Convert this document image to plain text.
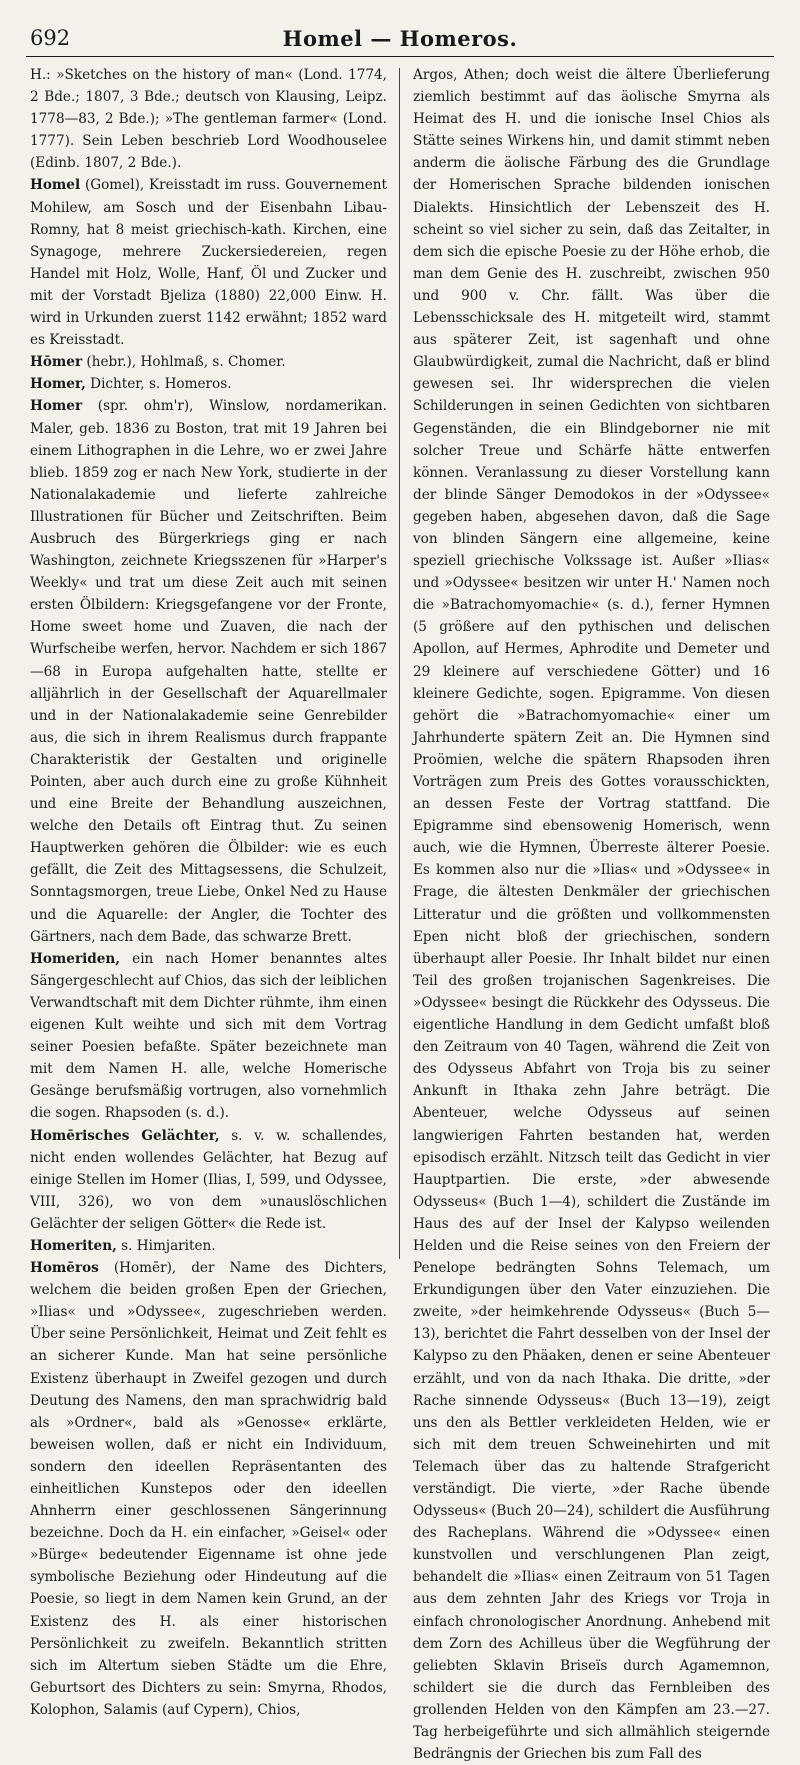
692	Homel — Homeros.

H.: »Sketches on the history of man« (Lond. 1774, 2 Bde.; 1807, 3 Bde.; deutsch von Klausing, Leipz. 1778—83, 2 Bde.); »The gentleman farmer« (Lond. 1777). Sein Leben beschrieb Lord Woodhouselee (Edinb. 1807, 2 Bde.).

Homel (Gomel), Kreisstadt im russ. Gouvernement Mohilew, am Sosch und der Eisenbahn Libau-Romny, hat 8 meist griechisch-kath. Kirchen, eine Synagoge, mehrere Zuckersiedereien, regen Handel mit Holz, Wolle, Hanf, Öl und Zucker und mit der Vorstadt Bjeliza (1880) 22,000 Einw. H. wird in Urkunden zuerst 1142 erwähnt; 1852 ward es Kreisstadt.

Hōmer (hebr.), Hohlmaß, s. Chomer.

Homer, Dichter, s. Homeros.

Homer (spr. ohm'r), Winslow, nordamerikan. Maler, geb. 1836 zu Boston, trat mit 19 Jahren bei einem Lithographen in die Lehre, wo er zwei Jahre blieb. 1859 zog er nach New York, studierte in der Nationalakademie und lieferte zahlreiche Illustrationen für Bücher und Zeitschriften. Beim Ausbruch des Bürgerkriegs ging er nach Washington, zeichnete Kriegsszenen für »Harper's Weekly« und trat um diese Zeit auch mit seinen ersten Ölbildern: Kriegsgefangene vor der Fronte, Home sweet home und Zuaven, die nach der Wurfscheibe werfen, hervor. Nachdem er sich 1867—68 in Europa aufgehalten hatte, stellte er alljährlich in der Gesellschaft der Aquarellmaler und in der Nationalakademie seine Genrebilder aus, die sich in ihrem Realismus durch frappante Charakteristik der Gestalten und originelle Pointen, aber auch durch eine zu große Kühnheit und eine Breite der Behandlung auszeichnen, welche den Details oft Eintrag thut. Zu seinen Hauptwerken gehören die Ölbilder: wie es euch gefällt, die Zeit des Mittagsessens, die Schulzeit, Sonntagsmorgen, treue Liebe, Onkel Ned zu Hause und die Aquarelle: der Angler, die Tochter des Gärtners, nach dem Bade, das schwarze Brett.

Homeriden, ein nach Homer benanntes altes Sängergeschlecht auf Chios, das sich der leiblichen Verwandtschaft mit dem Dichter rühmte, ihm einen eigenen Kult weihte und sich mit dem Vortrag seiner Poesien befaßte. Später bezeichnete man mit dem Namen H. alle, welche Homerische Gesänge berufsmäßig vortrugen, also vornehmlich die sogen. Rhapsoden (s. d.).

Homērisches Gelächter, s. v. w. schallendes, nicht enden wollendes Gelächter, hat Bezug auf einige Stellen im Homer (Ilias, I, 599, und Odyssee, VIII, 326), wo von dem »unauslöschlichen Gelächter der seligen Götter« die Rede ist.

Homeriten, s. Himjariten.

Homēros (Homēr), der Name des Dichters, welchem die beiden großen Epen der Griechen, »Ilias« und »Odyssee«, zugeschrieben werden. Über seine Persönlichkeit, Heimat und Zeit fehlt es an sicherer Kunde. Man hat seine persönliche Existenz überhaupt in Zweifel gezogen und durch Deutung des Namens, den man sprachwidrig bald als »Ordner«, bald als »Genosse« erklärte, beweisen wollen, daß er nicht ein Individuum, sondern den ideellen Repräsentanten des einheitlichen Kunstepos oder den ideellen Ahnherrn einer geschlossenen Sängerinnung bezeichne. Doch da H. ein einfacher, »Geisel« oder »Bürge« bedeutender Eigenname ist ohne jede symbolische Beziehung oder Hindeutung auf die Poesie, so liegt in dem Namen kein Grund, an der Existenz des H. als einer historischen Persönlichkeit zu zweifeln. Bekanntlich stritten sich im Altertum sieben Städte um die Ehre, Geburtsort des Dichters zu sein: Smyrna, Rhodos, Kolophon, Salamis (auf Cypern), Chios,

Argos, Athen; doch weist die ältere Überlieferung ziemlich bestimmt auf das äolische Smyrna als Heimat des H. und die ionische Insel Chios als Stätte seines Wirkens hin, und damit stimmt neben anderm die äolische Färbung des die Grundlage der Homerischen Sprache bildenden ionischen Dialekts. Hinsichtlich der Lebenszeit des H. scheint so viel sicher zu sein, daß das Zeitalter, in dem sich die epische Poesie zu der Höhe erhob, die man dem Genie des H. zuschreibt, zwischen 950 und 900 v. Chr. fällt. Was über die Lebensschicksale des H. mitgeteilt wird, stammt aus späterer Zeit, ist sagenhaft und ohne Glaubwürdigkeit, zumal die Nachricht, daß er blind gewesen sei. Ihr widersprechen die vielen Schilderungen in seinen Gedichten von sichtbaren Gegenständen, die ein Blindgeborner nie mit solcher Treue und Schärfe hätte entwerfen können. Veranlassung zu dieser Vorstellung kann der blinde Sänger Demodokos in der »Odyssee« gegeben haben, abgesehen davon, daß die Sage von blinden Sängern eine allgemeine, keine speziell griechische Volkssage ist. Außer »Ilias« und »Odyssee« besitzen wir unter H.' Namen noch die »Batrachomyomachie« (s. d.), ferner Hymnen (5 größere auf den pythischen und delischen Apollon, auf Hermes, Aphrodite und Demeter und 29 kleinere auf verschiedene Götter) und 16 kleinere Gedichte, sogen. Epigramme. Von diesen gehört die »Batrachomyomachie« einer um Jahrhunderte spätern Zeit an. Die Hymnen sind Proömien, welche die spätern Rhapsoden ihren Vorträgen zum Preis des Gottes vorausschickten, an dessen Feste der Vortrag stattfand. Die Epigramme sind ebensowenig Homerisch, wenn auch, wie die Hymnen, Überreste älterer Poesie. Es kommen also nur die »Ilias« und »Odyssee« in Frage, die ältesten Denkmäler der griechischen Litteratur und die größten und vollkommensten Epen nicht bloß der griechischen, sondern überhaupt aller Poesie. Ihr Inhalt bildet nur einen Teil des großen trojanischen Sagenkreises. Die »Odyssee« besingt die Rückkehr des Odysseus. Die eigentliche Handlung in dem Gedicht umfaßt bloß den Zeitraum von 40 Tagen, während die Zeit von des Odysseus Abfahrt von Troja bis zu seiner Ankunft in Ithaka zehn Jahre beträgt. Die Abenteuer, welche Odysseus auf seinen langwierigen Fahrten bestanden hat, werden episodisch erzählt. Nitzsch teilt das Gedicht in vier Hauptpartien. Die erste, »der abwesende Odysseus« (Buch 1—4), schildert die Zustände im Haus des auf der Insel der Kalypso weilenden Helden und die Reise seines von den Freiern der Penelope bedrängten Sohns Telemach, um Erkundigungen über den Vater einzuziehen. Die zweite, »der heimkehrende Odysseus« (Buch 5—13), berichtet die Fahrt desselben von der Insel der Kalypso zu den Phäaken, denen er seine Abenteuer erzählt, und von da nach Ithaka. Die dritte, »der Rache sinnende Odysseus« (Buch 13—19), zeigt uns den als Bettler verkleideten Helden, wie er sich mit dem treuen Schweinehirten und mit Telemach über das zu haltende Strafgericht verständigt. Die vierte, »der Rache übende Odysseus« (Buch 20—24), schildert die Ausführung des Racheplans. Während die »Odyssee« einen kunstvollen und verschlungenen Plan zeigt, behandelt die »Ilias« einen Zeitraum von 51 Tagen aus dem zehnten Jahr des Kriegs vor Troja in einfach chronologischer Anordnung. Anhebend mit dem Zorn des Achilleus über die Wegführung der geliebten Sklavin Briseïs durch Agamemnon, schildert sie die durch das Fernbleiben des grollenden Helden von den Kämpfen am 23.—27. Tag herbeigeführte und sich allmählich steigernde Bedrängnis der Griechen bis zum Fall des
